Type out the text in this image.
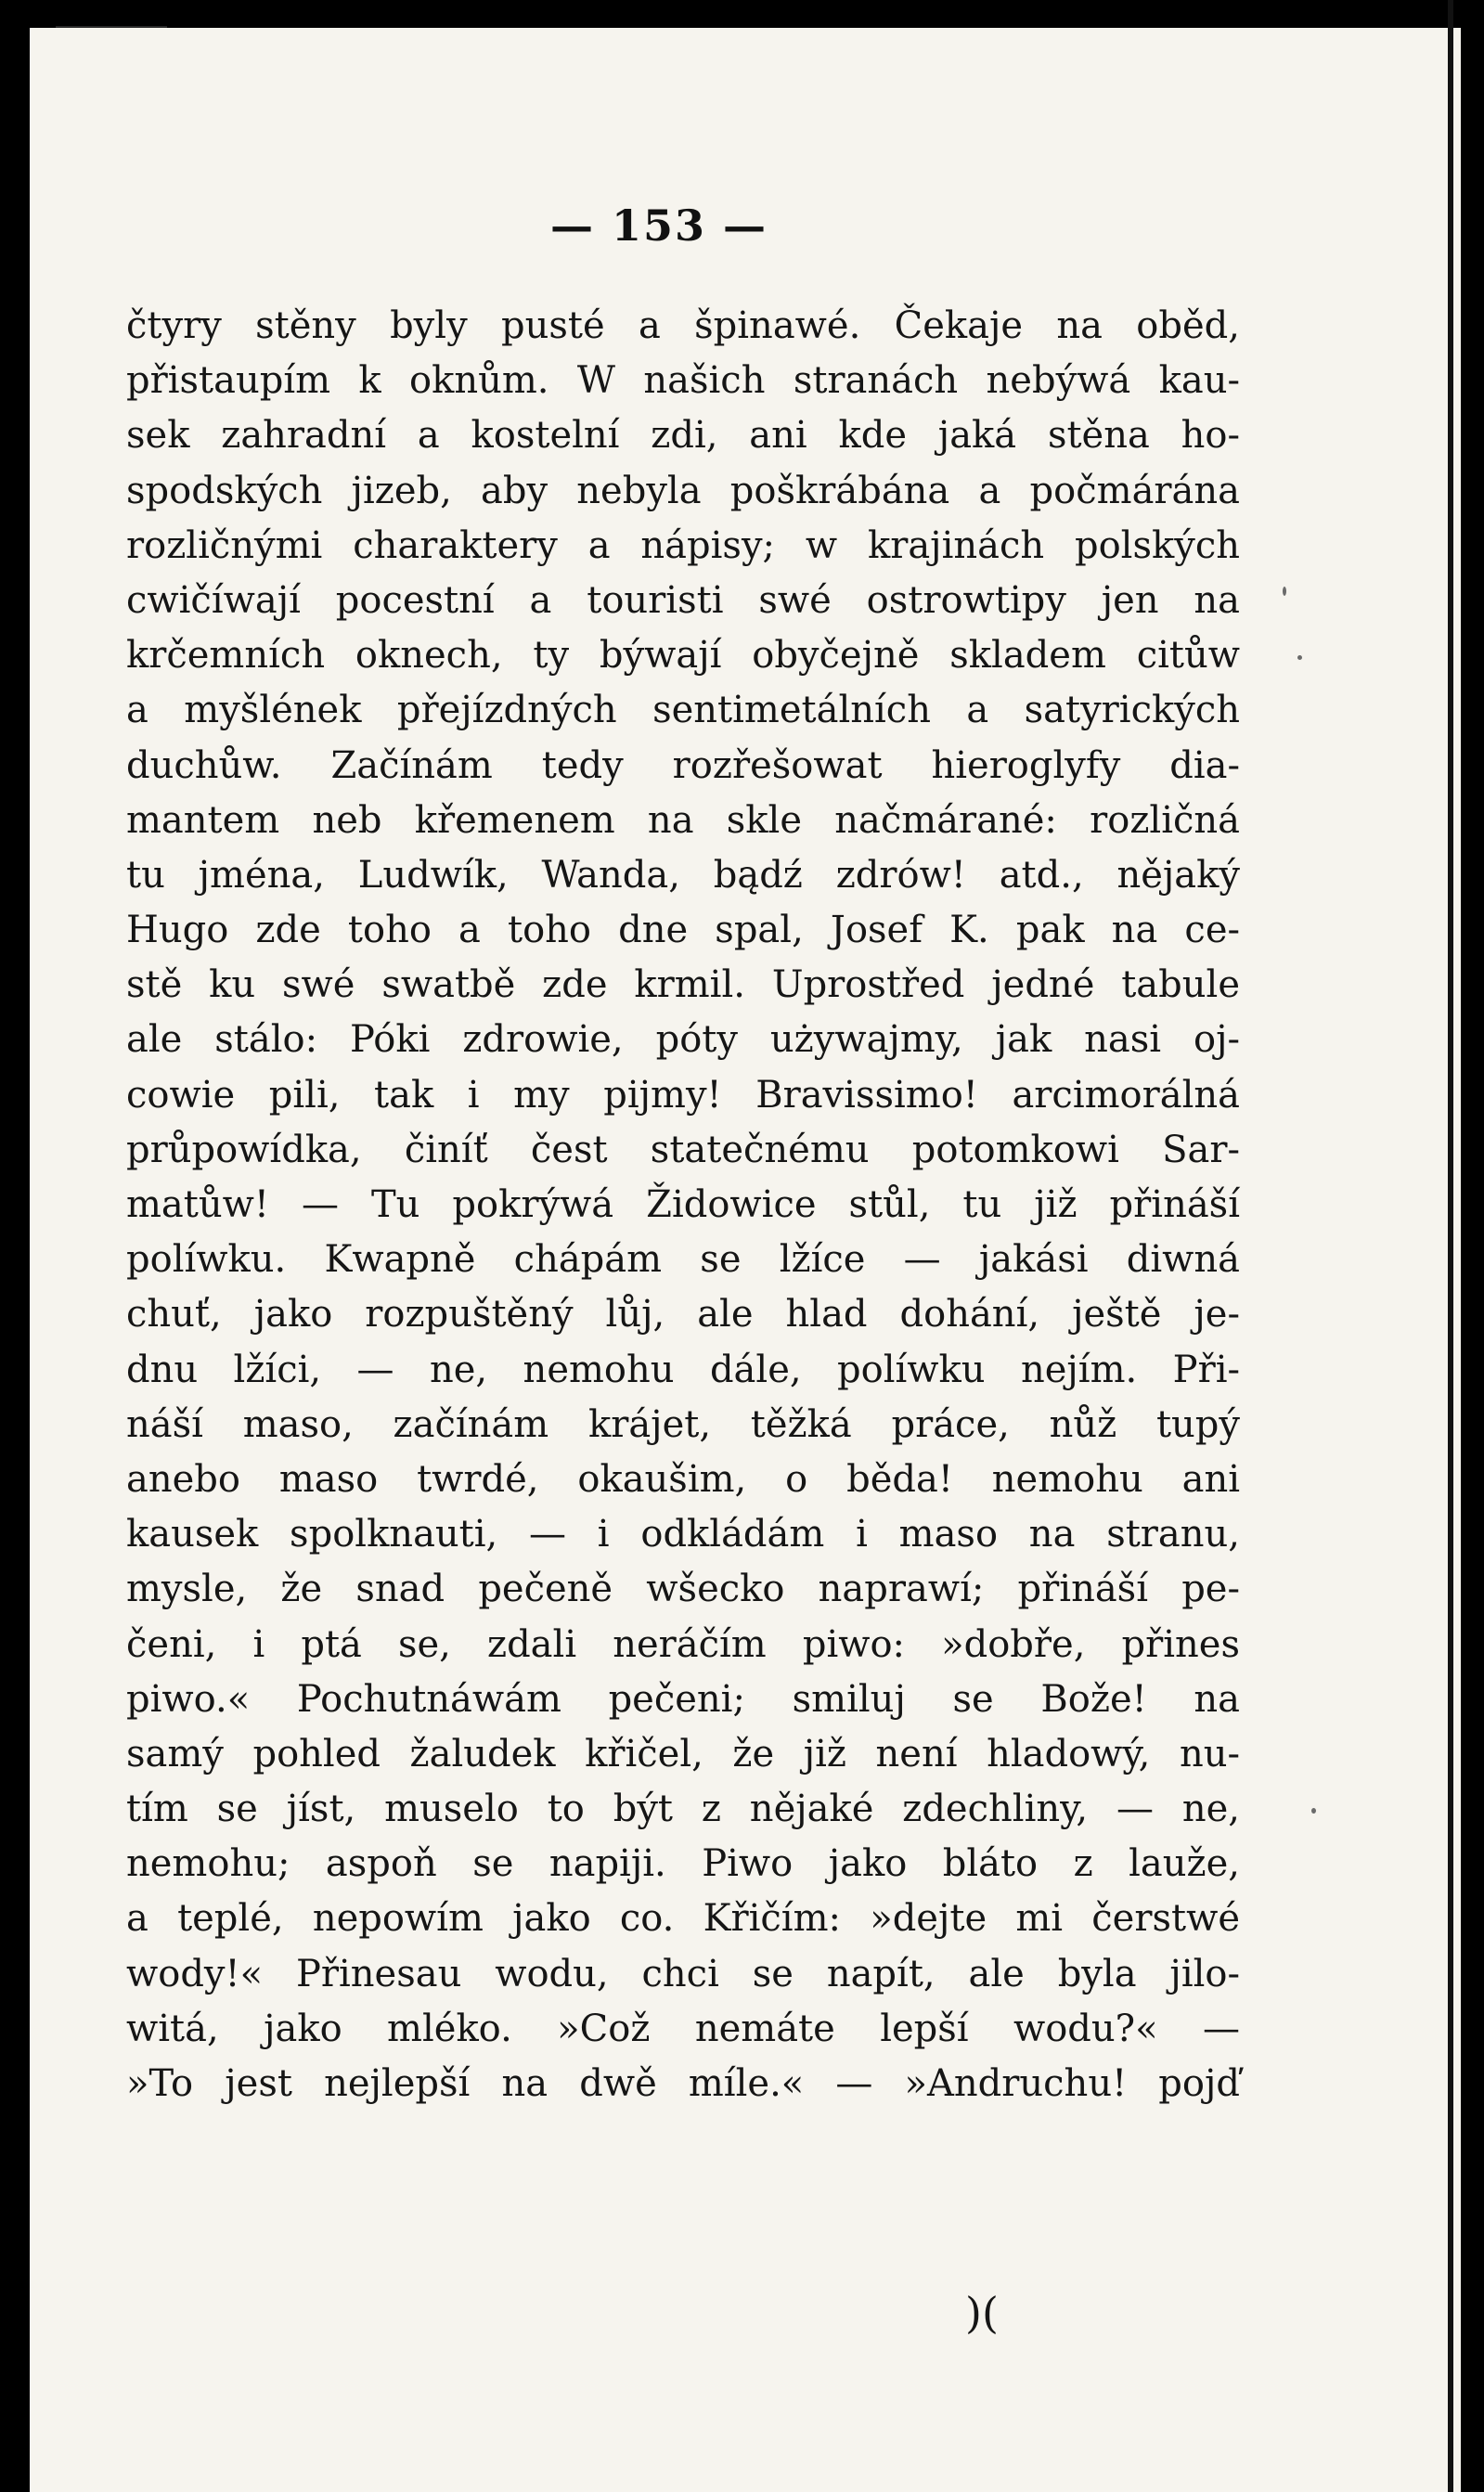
— 153 —
čtyry stěny byly pusté a špinawé. Čekaje na oběd,
přistaupím k oknům. W našich stranách nebýwá kau-
sek zahradní a kostelní zdi, ani kde jaká stěna ho-
spodských jizeb, aby nebyla poškrábána a počmárána
rozličnými charaktery a nápisy; w krajinách polských
cwičíwají pocestní a touristi swé ostrowtipy jen na
krčemních oknech, ty býwají obyčejně skladem citůw
a myšlének přejízdných sentimetálních a satyrických
duchůw. Začínám tedy rozřešowat hieroglyfy dia-
mantem neb křemenem na skle načmárané: rozličná
tu jména, Ludwík, Wanda, bądź zdrów! atd., nějaký
Hugo zde toho a toho dne spal, Josef K. pak na ce-
stě ku swé swatbě zde krmil. Uprostřed jedné tabule
ale stálo: Póki zdrowie, póty używajmy, jak nasi oj-
cowie pili, tak i my pijmy! Bravissimo! arcimorálná
průpowídka, činíť čest statečnému potomkowi Sar-
matůw! — Tu pokrýwá Židowice stůl, tu již přináší
políwku. Kwapně chápám se lžíce — jakási diwná
chuť, jako rozpuštěný lůj, ale hlad dohání, ještě je-
dnu lžíci, — ne, nemohu dále, políwku nejím. Při-
náší maso, začínám krájet, těžká práce, nůž tupý
anebo maso twrdé, okaušim, o běda! nemohu ani
kausek spolknauti, — i odkládám i maso na stranu,
mysle, že snad pečeně wšecko naprawí; přináší pe-
čeni, i ptá se, zdali neráčím piwo: »dobře, přines
piwo.« Pochutnáwám pečeni; smiluj se Bože! na
samý pohled žaludek křičel, že již není hladowý, nu-
tím se jíst, muselo to být z nějaké zdechliny, — ne,
nemohu; aspoň se napiji. Piwo jako bláto z lauže,
a teplé, nepowím jako co. Křičím: »dejte mi čerstwé
wody!« Přinesau wodu, chci se napít, ale byla jilo-
witá, jako mléko. »Což nemáte lepší wodu?« —
»To jest nejlepší na dwě míle.« — »Andruchu! pojď
)(
